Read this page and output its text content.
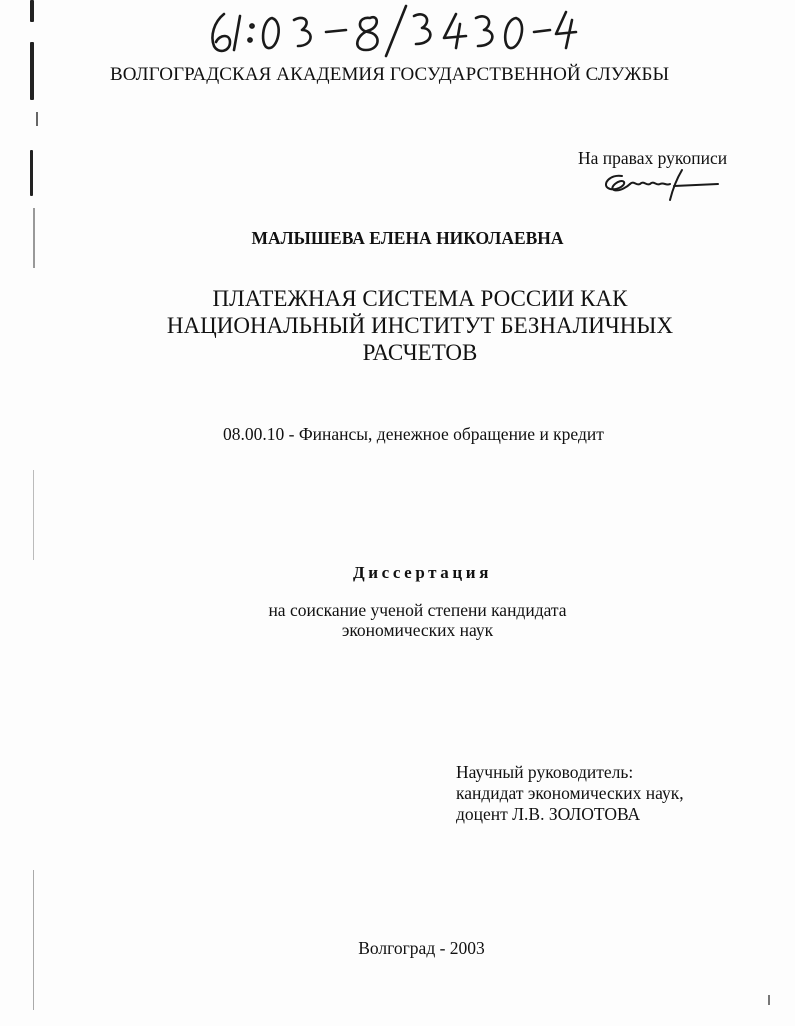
ВОЛГОГРАДСКАЯ АКАДЕМИЯ ГОСУДАРСТВЕННОЙ СЛУЖБЫ
На правах рукописи
МАЛЫШЕВА ЕЛЕНА НИКОЛАЕВНА
ПЛАТЕЖНАЯ СИСТЕМА РОССИИ КАК
НАЦИОНАЛЬНЫЙ ИНСТИТУТ БЕЗНАЛИЧНЫХ
РАСЧЕТОВ
08.00.10 - Финансы, денежное обращение и кредит
Диссертация
на соискание ученой степени кандидата
экономических наук
Научный руководитель:
кандидат экономических наук,
доцент Л.В. ЗОЛОТОВА
Волгоград - 2003
